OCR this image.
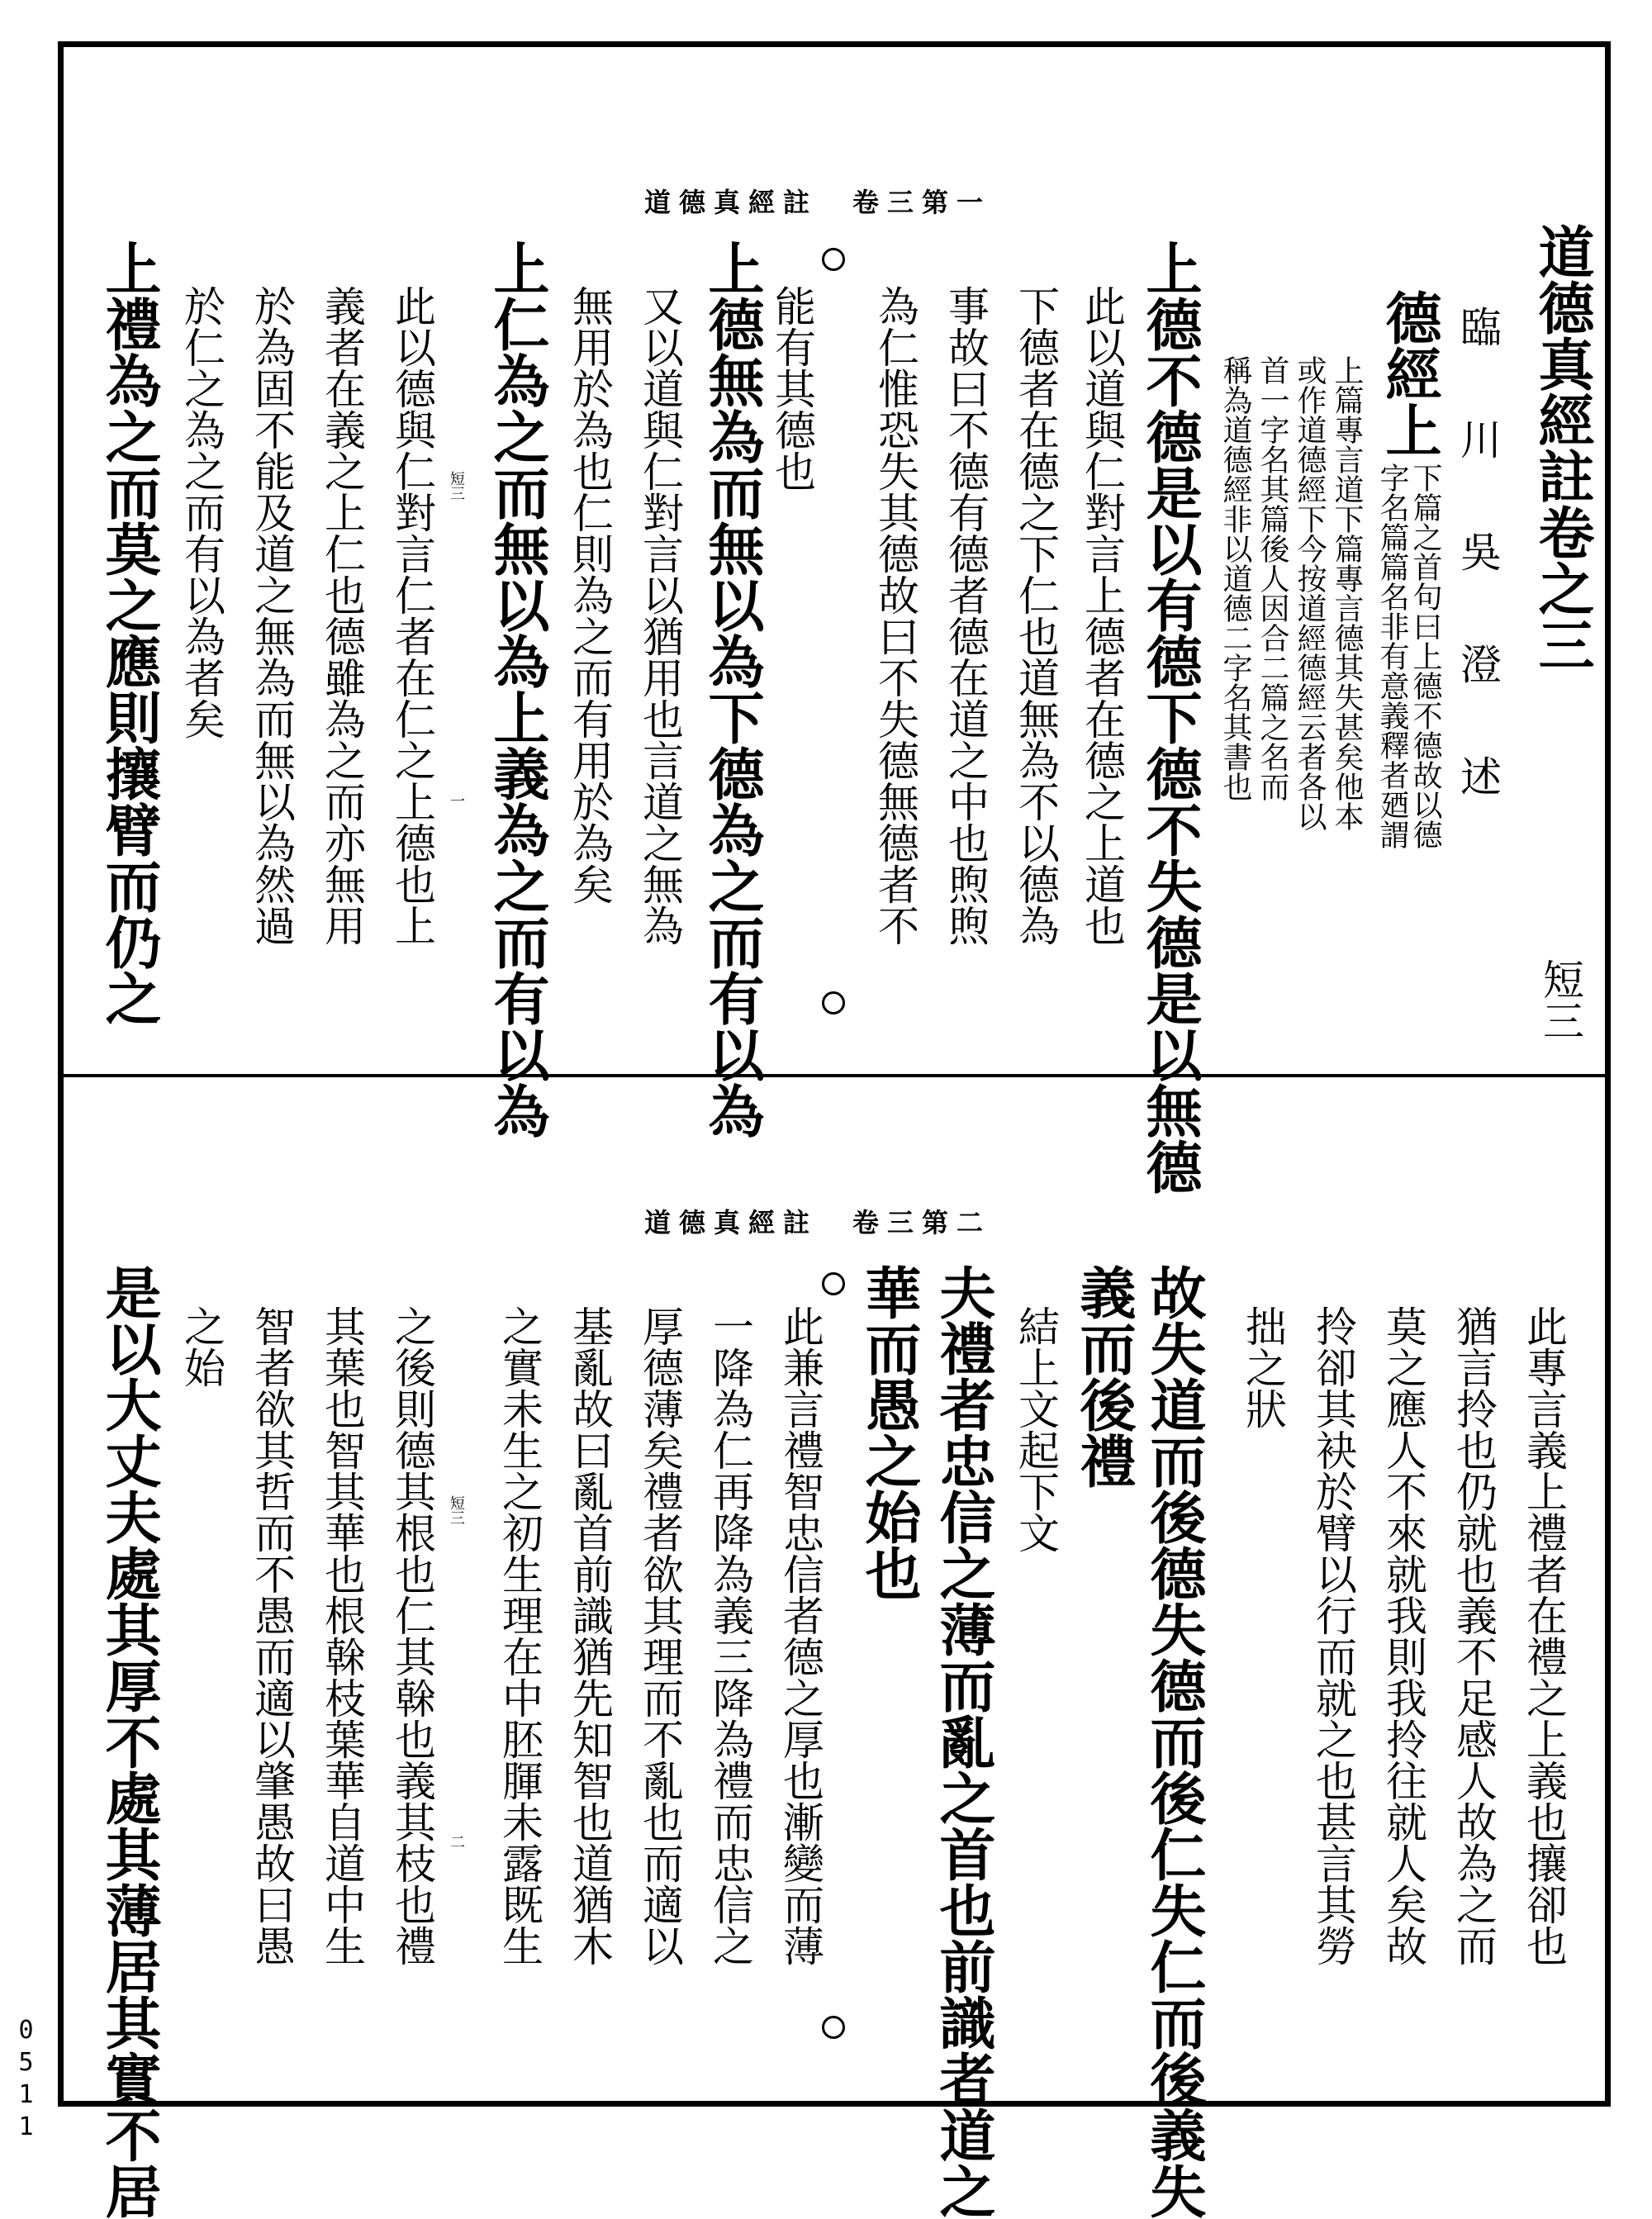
道德真經註　卷三第一
道德真經註卷之三
臨　川　吳　澄　述
短三
德經上
下篇之首句曰上德不德故以德
字名篇篇名非有意義釋者廼謂
上篇專言道下篇專言德其失甚矣他本
或作道德經下今按道經德經云者各以
首一字名其篇後人因合二篇之名而
稱為道德經非以道德二字名其書也
上德不德是以有德下德不失德是以無德
此以道與仁對言上德者在德之上道也
下德者在德之下仁也道無為不以德為
事故曰不德有德者德在道之中也煦煦
為仁惟恐失其德故曰不失德無德者不
能有其德也
上德無為而無以為下德為之而有以為
又以道與仁對言以猶用也言道之無為
無用於為也仁則為之而有用於為矣
上仁為之而無以為上義為之而有以為
短三
此以德與仁對言仁者在仁之上德也上 一
義者在義之上仁也德雖為之而亦無用
於為固不能及道之無為而無以為然過
於仁之為之而有以為者矣
上禮為之而莫之應則攘臂而仍之
道德真經註　卷三第二
此專言義上禮者在禮之上義也攘卻也
猶言拎也仍就也義不足感人故為之而
莫之應人不來就我則我拎往就人矣故
拎卻其袂於臂以行而就之也甚言其勞
拙之狀
故失道而後德失德而後仁失仁而後義失
義而後禮
結上文起下文
夫禮者忠信之薄而亂之首也前識者道之
華而愚之始也
此兼言禮智忠信者德之厚也漸變而薄
一降為仁再降為義三降為禮而忠信之
厚德薄矣禮者欲其理而不亂也而適以
基亂故曰亂首前識猶先知智也道猶木
之實未生之初生理在中胚腪未露既生
短三
之後則德其根也仁其榦也義其枝也禮 二
其葉也智其華也根榦枝葉華自道中生
智者欲其哲而不愚而適以肇愚故曰愚
之始
是以大丈夫處其厚不處其薄居其實不居
0511
